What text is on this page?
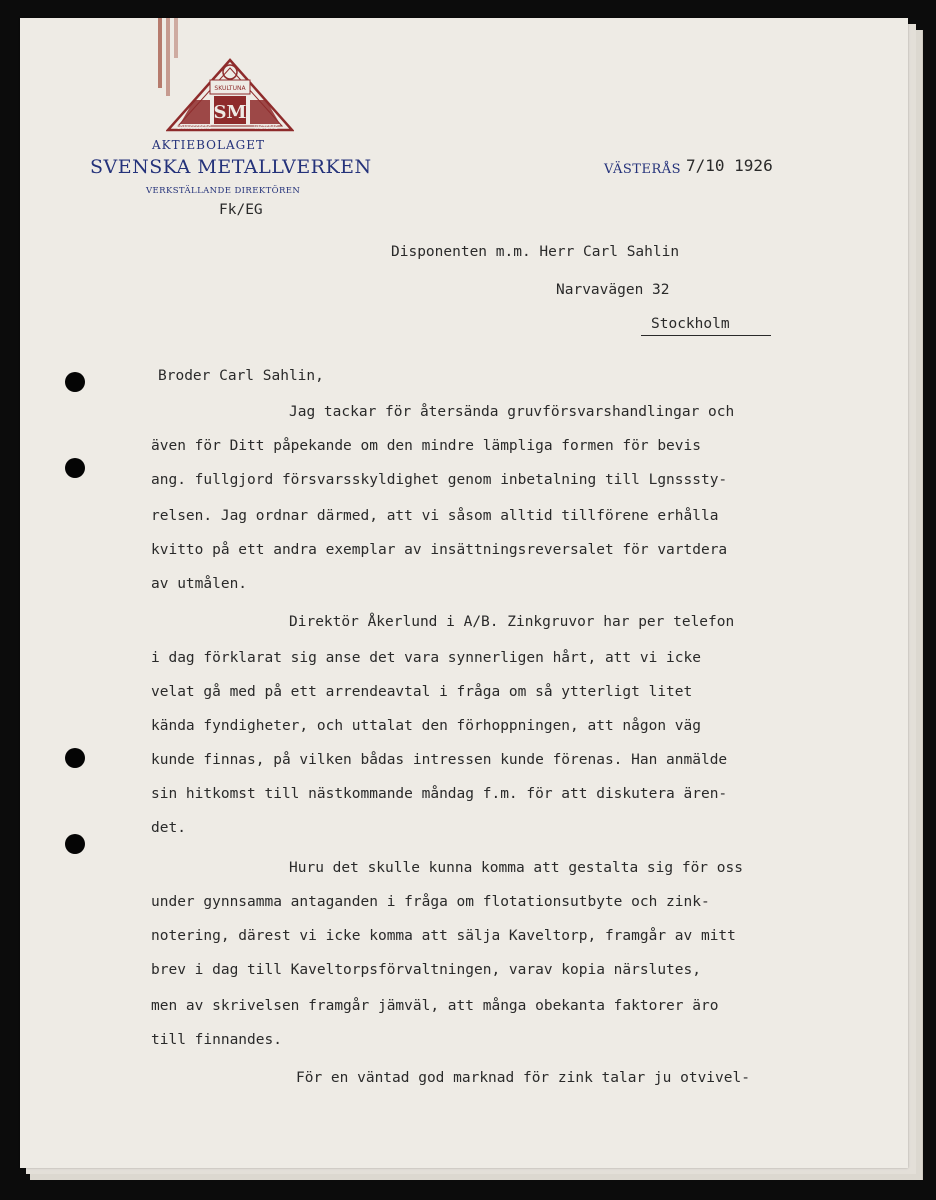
SKULTUNA
SM
GRÄNGESBERG	VÄSTERÅS
AKTIEBOLAGET
SVENSKA METALLVERKEN
VERKSTÄLLANDE DIREKTÖREN
VÄSTERÅS 7/10 1926
Fk/EG
Disponenten m.m. Herr Carl Sahlin
Narvavägen 32
Stockholm
Broder Carl Sahlin,
Jag tackar för återsända gruvförsvarshandlingar och
även för Ditt påpekande om den mindre lämpliga formen för bevis
ang. fullgjord försvarsskyldighet genom inbetalning till Lgnsssty-
relsen. Jag ordnar därmed, att vi såsom alltid tillförene erhålla
kvitto på ett andra exemplar av insättningsreversalet för vartdera
av utmålen.
Direktör Åkerlund i A/B. Zinkgruvor har per telefon
i dag förklarat sig anse det vara synnerligen hårt, att vi icke
velat gå med på ett arrendeavtal i fråga om så ytterligt litet
kända fyndigheter, och uttalat den förhoppningen, att någon väg
kunde finnas, på vilken bådas intressen kunde förenas. Han anmälde
sin hitkomst till nästkommande måndag f.m. för att diskutera ären-
det.
Huru det skulle kunna komma att gestalta sig för oss
under gynnsamma antaganden i fråga om flotationsutbyte och zink-
notering, därest vi icke komma att sälja Kaveltorp, framgår av mitt
brev i dag till Kaveltorpsförvaltningen, varav kopia närslutes,
men av skrivelsen framgår jämväl, att många obekanta faktorer äro
till finnandes.
För en väntad god marknad för zink talar ju otvivel-
